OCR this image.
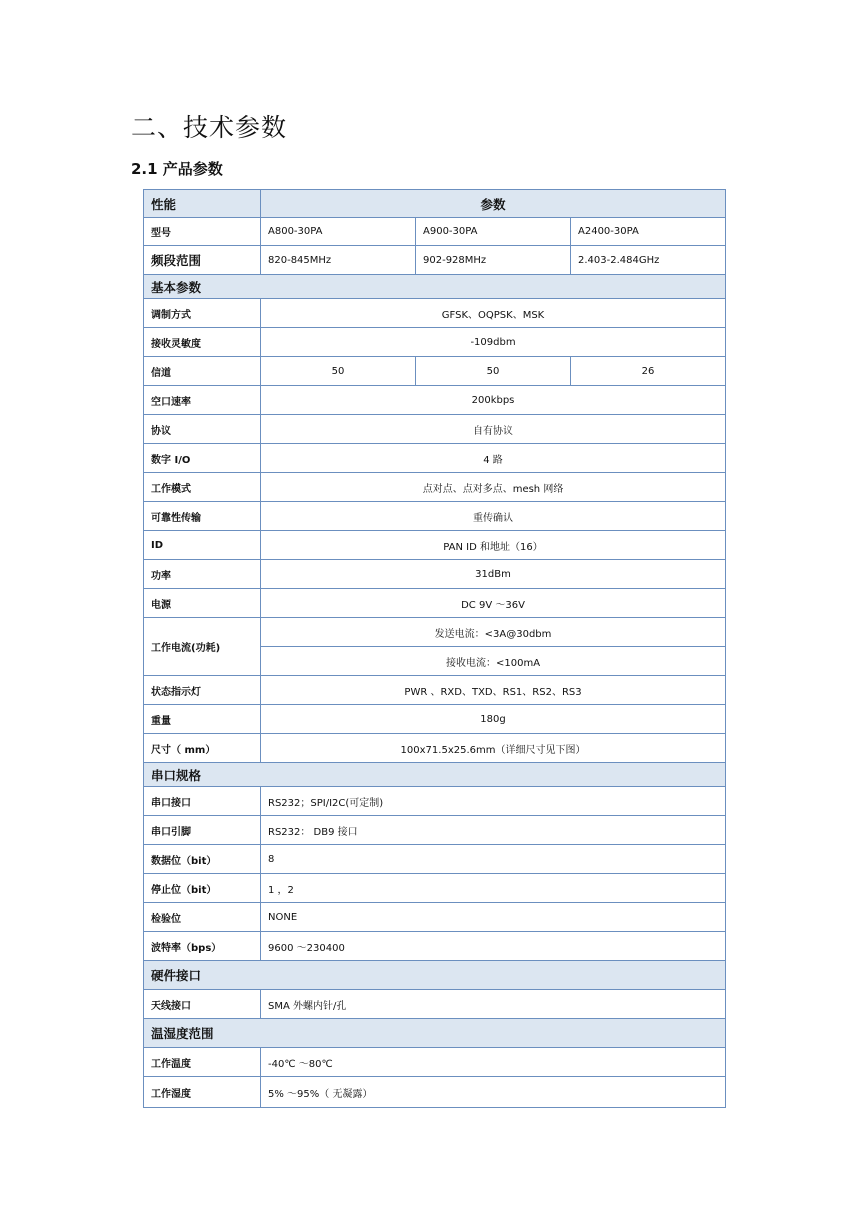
二、技术参数
2.1 产品参数
性能	参数		
型号	A800-30PA	A900-30PA	A2400-30PA
频段范围	820-845MHz	902-928MHz	2.403-2.484GHz
基本参数			
调制方式	GFSK、OQPSK、MSK		
接收灵敏度	-109dbm		
信道	50	50	26
空口速率	200kbps		
协议	自有协议		
数字 I/O	4 路		
工作模式	点对点、点对多点、mesh 网络		
可靠性传输	重传确认		
ID	PAN ID 和地址（16）		
功率	31dBm		
电源	DC 9V ～36V		
工作电流(功耗)	发送电流：<3A@30dbm		
	接收电流：<100mA		
状态指示灯	PWR 、RXD、TXD、RS1、RS2、RS3		
重量	180g		
尺寸（ mm）	100x71.5x25.6mm（详细尺寸见下图）		
串口规格			
串口接口	RS232；SPI/I2C(可定制)		
串口引脚	RS232： DB9 接口		
数据位（bit）	8		
停止位（bit）	1 ，2		
检验位	NONE		
波特率（bps）	9600 ～230400		
硬件接口			
天线接口	SMA 外螺内针/孔		
温湿度范围			
工作温度	-40℃ ～80℃		
工作湿度	5% ～95%（ 无凝露）		
